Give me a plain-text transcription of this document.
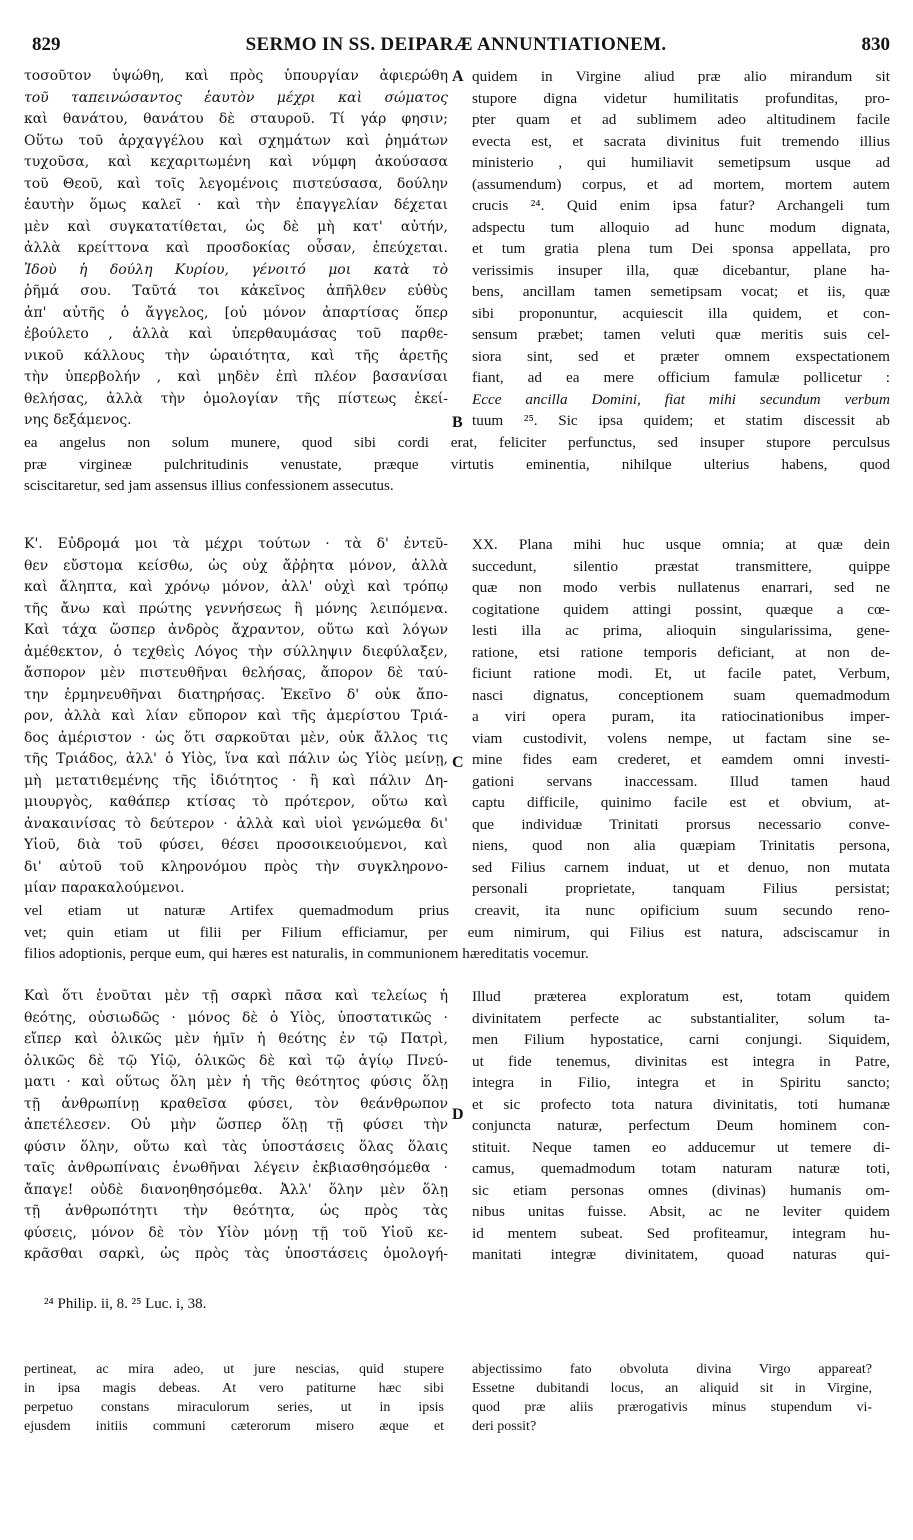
829	SERMO IN SS. DEIPARÆ ANNUNTIATIONEM.	830
A
B
C
D
τοσοῦτον ὑψώθη, καὶ πρὸς ὑπουργίαν ἀφιερώθη
τοῦ ταπεινώσαντος ἑαυτὸν μέχρι καὶ σώματος
καὶ θανάτου, θανάτου δὲ σταυροῦ. Τί γάρ φησιν;
Οὕτω τοῦ ἀρχαγγέλου καὶ σχημάτων καὶ ῥημάτων
τυχοῦσα, καὶ κεχαριτωμένη καὶ νύμφη ἀκούσασα
τοῦ Θεοῦ, καὶ τοῖς λεγομένοις πιστεύσασα, δούλην
ἑαυτὴν ὅμως καλεῖ · καὶ τὴν ἐπαγγελίαν δέχεται
μὲν καὶ συγκατατίθεται, ὡς δὲ μὴ κατ' αὐτήν,
ἀλλὰ κρείττονα καὶ προσδοκίας οὖσαν, ἐπεύχεται.
Ἰδοὺ ἡ δούλη Κυρίου, γένοιτό μοι κατὰ τὸ
ῥῆμά σου. Ταῦτά τοι κἀκεῖνος ἀπῆλθεν εὐθὺς
ἀπ' αὐτῆς ὁ ἄγγελος, [οὐ μόνον ἀπαρτίσας ὅπερ
ἐβούλετο , ἀλλὰ καὶ ὑπερθαυμάσας τοῦ παρθε-
νικοῦ κάλλους τὴν ὡραιότητα, καὶ τῆς ἀρετῆς
τὴν ὑπερβολήν , καὶ μηδὲν ἐπὶ πλέον βασανίσαι
θελήσας, ἀλλὰ τὴν ὁμολογίαν τῆς πίστεως ἐκεί-
νης δεξάμενος.
quidem in Virgine aliud præ alio mirandum sit
stupore digna videtur humilitatis profunditas, pro-
pter quam et ad sublimem adeo altitudinem facile
evecta est, et sacrata divinitus fuit tremendo illius
ministerio , qui humiliavit semetipsum usque ad
(assumendum) corpus, et ad mortem, mortem autem
crucis ²⁴. Quid enim ipsa fatur? Archangeli tum
adspectu tum alloquio ad hunc modum dignata,
et tum gratia plena tum Dei sponsa appellata, pro
verissimis insuper illa, quæ dicebantur, plane ha-
bens, ancillam tamen semetipsam vocat; et iis, quæ
sibi proponuntur, acquiescit illa quidem, et con-
sensum præbet; tamen veluti quæ meritis suis cel-
siora sint, sed et præter omnem exspectationem
fiant, ad ea mere officium famulæ pollicetur :
Ecce ancilla Domini, fiat mihi secundum verbum
tuum ²⁵. Sic ipsa quidem; et statim discessit ab
ea angelus non solum munere, quod sibi cordi erat, feliciter perfunctus, sed insuper stupore perculsus
præ virgineæ pulchritudinis venustate, præque virtutis eminentia, nihilque ulterius habens, quod
sciscitaretur, sed jam assensus illius confessionem assecutus.
Κ'. Εὐδρομά μοι τὰ μέχρι τούτων · τὰ δ' ἐντεῦ-
θεν εὔστομα κείσθω, ὡς οὐχ ἄῤῥητα μόνον, ἀλλὰ
καὶ ἄληπτα, καὶ χρόνῳ μόνον, ἀλλ' οὐχὶ καὶ τρόπῳ
τῆς ἄνω καὶ πρώτης γεννήσεως ἢ μόνης λειπόμενα.
Καὶ τάχα ὥσπερ ἀνδρὸς ἄχραντον, οὕτω καὶ λόγων
ἀμέθεκτον, ὁ τεχθεὶς Λόγος τὴν σύλληψιν διεφύλαξεν,
ἄσπορον μὲν πιστευθῆναι θελήσας, ἄπορον δὲ ταύ-
την ἑρμηνευθῆναι διατηρήσας. Ἐκεῖνο δ' οὐκ ἄπο-
ρον, ἀλλὰ καὶ λίαν εὔπορον καὶ τῆς ἀμερίστου Τριά-
δος ἀμέριστον · ὡς ὅτι σαρκοῦται μὲν, οὐκ ἄλλος τις
τῆς Τριάδος, ἀλλ' ὁ Υἱὸς, ἵνα καὶ πάλιν ὡς Υἱὸς μείνῃ,
μὴ μετατιθεμένης τῆς ἰδιότητος · ἢ καὶ πάλιν Δη-
μιουργὸς, καθάπερ κτίσας τὸ πρότερον, οὕτω καὶ
ἀνακαινίσας τὸ δεύτερον · ἀλλὰ καὶ υἱοὶ γενώμεθα δι'
Υἱοῦ, διὰ τοῦ φύσει, θέσει προσοικειούμενοι, καὶ
δι' αὐτοῦ τοῦ κληρονόμου πρὸς τὴν συγκληρονο-
μίαν παρακαλούμενοι.
XX. Plana mihi huc usque omnia; at quæ dein
succedunt, silentio præstat transmittere, quippe
quæ non modo verbis nullatenus enarrari, sed ne
cogitatione quidem attingi possint, quæque a cœ-
lesti illa ac prima, alioquin singularissima, gene-
ratione, etsi ratione temporis deficiant, at non de-
ficiunt ratione modi. Et, ut facile patet, Verbum,
nasci dignatus, conceptionem suam quemadmodum
a viri opera puram, ita ratiocinationibus imper-
viam custodivit, volens nempe, ut factam sine se-
mine fides eam crederet, et eamdem omni investi-
gationi servans inaccessam. Illud tamen haud
captu difficile, quinimo facile est et obvium, at-
que individuæ Trinitati prorsus necessario conve-
niens, quod non alia quæpiam Trinitatis persona,
sed Filius carnem induat, ut et denuo, non mutata
personali proprietate, tanquam Filius persistat;
vel etiam ut naturæ Artifex quemadmodum prius creavit, ita nunc opificium suum secundo reno-
vet; quin etiam ut filii per Filium efficiamur, per eum nimirum, qui Filius est natura, adsciscamur in
filios adoptionis, perque eum, qui hæres est naturalis, in communionem hæreditatis vocemur.
Καὶ ὅτι ἑνοῦται μὲν τῇ σαρκὶ πᾶσα καὶ τελείως ἡ
θεότης, οὐσιωδῶς · μόνος δὲ ὁ Υἱὸς, ὑποστατικῶς ·
εἴπερ καὶ ὁλικῶς μὲν ἡμῖν ἡ θεότης ἐν τῷ Πατρὶ,
ὁλικῶς δὲ τῷ Υἱῷ, ὁλικῶς δὲ καὶ τῷ ἁγίῳ Πνεύ-
ματι · καὶ οὕτως ὅλη μὲν ἡ τῆς θεότητος φύσις ὅλῃ
τῇ ἀνθρωπίνῃ κραθεῖσα φύσει, τὸν θεάνθρωπον
ἀπετέλεσεν. Οὐ μὴν ὥσπερ ὅλῃ τῇ φύσει τὴν
φύσιν ὅλην, οὕτω καὶ τὰς ὑποστάσεις ὅλας ὅλαις
ταῖς ἀνθρωπίναις ἑνωθῆναι λέγειν ἐκβιασθησόμεθα ·
ἄπαγε! οὐδὲ διανοηθησόμεθα. Ἀλλ' ὅλην μὲν ὅλῃ
τῇ ἀνθρωπότητι τὴν θεότητα, ὡς πρὸς τὰς
φύσεις, μόνον δὲ τὸν Υἱὸν μόνῃ τῇ τοῦ Υἱοῦ κε-
κρᾶσθαι σαρκὶ, ὡς πρὸς τὰς ὑποστάσεις ὁμολογή-
Illud præterea exploratum est, totam quidem
divinitatem perfecte ac substantialiter, solum ta-
men Filium hypostatice, carni conjungi. Siquidem,
ut fide tenemus, divinitas est integra in Patre,
integra in Filio, integra et in Spiritu sancto;
et sic profecto tota natura divinitatis, toti humanæ
conjuncta naturæ, perfectum Deum hominem con-
stituit. Neque tamen eo adducemur ut temere di-
camus, quemadmodum totam naturam naturæ toti,
sic etiam personas omnes (divinas) humanis om-
nibus unitas fuisse. Absit, ac ne leviter quidem
id mentem subeat. Sed profiteamur, integram hu-
manitati integræ divinitatem, quoad naturas qui-
²⁴ Philip. ii, 8. ²⁵ Luc. i, 38.
pertineat, ac mira adeo, ut jure nescias, quid stupere
in ipsa magis debeas. At vero patiturne hæc sibi
perpetuo constans miraculorum series, ut in ipsis
ejusdem initiis communi cæterorum misero æque et
abjectissimo fato obvoluta divina Virgo appareat?
Essetne dubitandi locus, an aliquid sit in Virgine,
quod præ aliis prærogativis minus stupendum vi-
deri possit?
